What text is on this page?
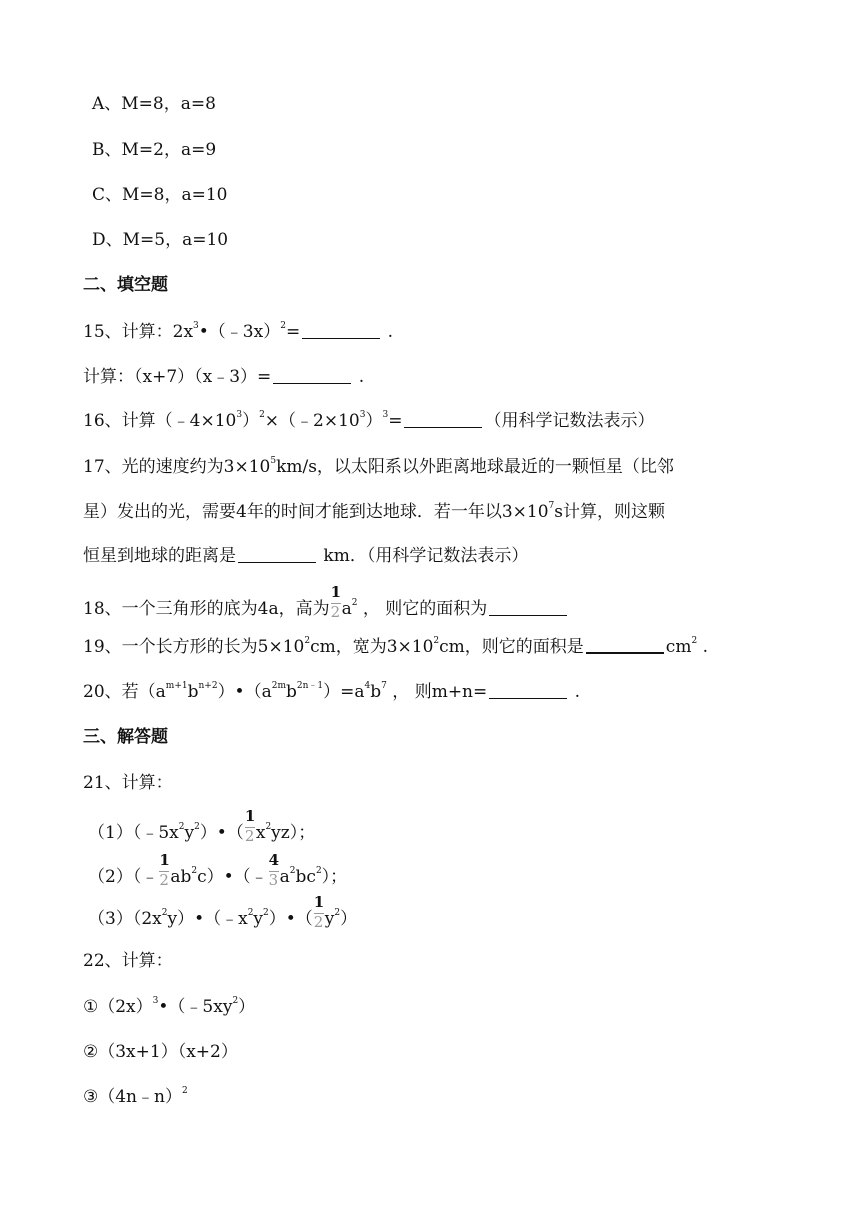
A、M=8，a=8
B、M=2，a=9
C、M=8，a=10
D、M=5，a=10
二、填空题
15、计算：$2x^3•(﹣3x)^2=$	.
计算：（x+7）（x﹣3）=	.
16、计算$(﹣4\times 10^3)^2\times(﹣2\times 10^3)^3=$	（用科学记数法表示）
17、光的速度约为$3\times 10^5km/s$，以太阳系以外距离地球最近的一颗恒星（比邻
星）发出的光，需要4年的时间才能到达地球．若一年以$3\times 10^7s$计算，则这颗
恒星到地球的距离是	km．（用科学记数法表示）
18、一个三角形的底为4a，高为 $\frac{1}{2} a^2$ ， 则它的面积为
19、一个长方形的长为$5\times 10^2cm$，宽为$3\times 10^2cm$，则它的面积是	$cm^2$ .
20、若$(a^{m+1}b^{n+2})•(a^{2m}b^{2n﹣1})=a^4b^7$ ， 则m+n=	.
三、解答题
21、计算：
$(1)(﹣5x^2y^2)•( \frac{1}{2} x^2yz)$；
（2）（﹣ $\frac{1}{2}$ $ab^2c)•(﹣ \frac{4}{3} a^2bc^2)$；
$(3)(2x^2y)•(﹣x^2y^2)•( \frac{1}{2} y^2)$
22、计算：
$①(2x)^3•(﹣5xy^2)$
②（3x+1）（x+2）
③（4n﹣n）$^2$
